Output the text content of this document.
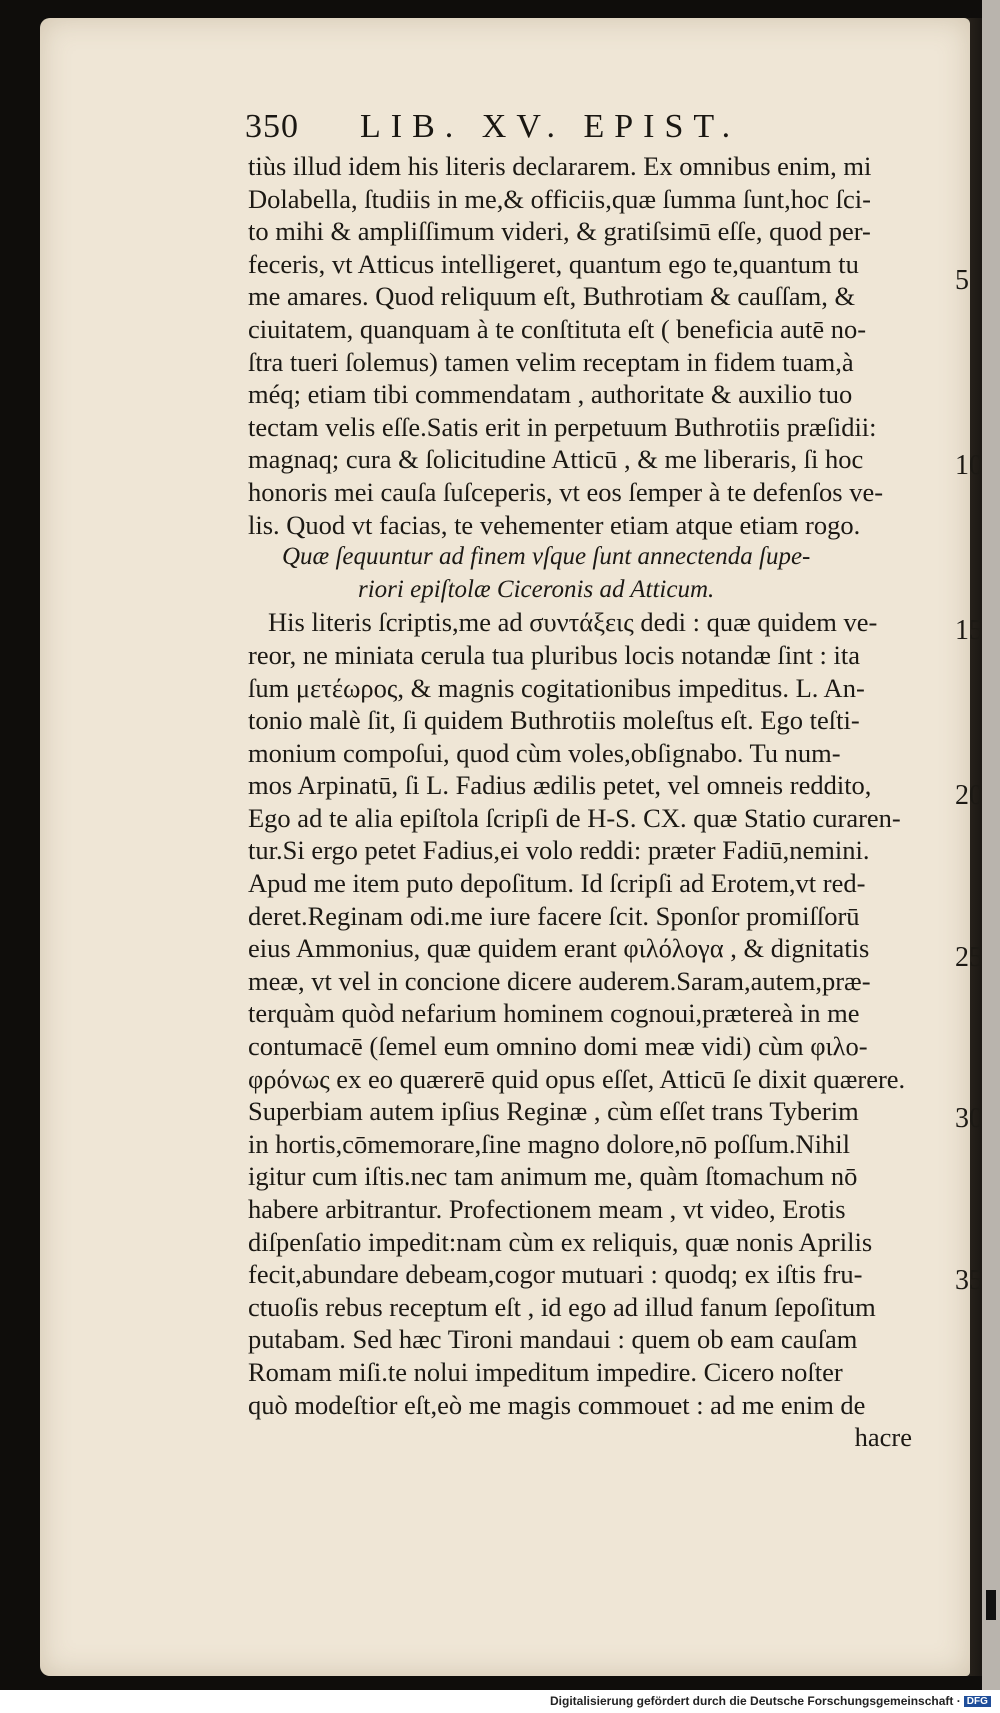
350

LIB. XV. EPIST.

tiùs illud idem his literis declararem. Ex omnibus enim, mi
Dolabella, ſtudiis in me,& officiis,quæ ſumma ſunt,hoc ſci-
to mihi & ampliſſimum videri, & gratiſsimū eſſe, quod per-
feceris, vt Atticus intelligeret, quantum ego te,quantum tu
me amares. Quod reliquum eſt, Buthrotiam & cauſſam, &
ciuitatem, quanquam à te conſtituta eſt ( beneficia autē no-
ſtra tueri ſolemus) tamen velim receptam in fidem tuam,à
méq; etiam tibi commendatam , authoritate & auxilio tuo
tectam velis eſſe.Satis erit in perpetuum Buthrotiis præſidii:
magnaq; cura & ſolicitudine Atticū , & me liberaris, ſi hoc
honoris mei cauſa ſuſceperis, vt eos ſemper à te defenſos ve-
lis. Quod vt facias, te vehementer etiam atque etiam rogo.
Quæ ſequuntur ad finem vſque ſunt annectenda ſupe-
riori epiſtolæ Ciceronis ad Atticum.
His literis ſcriptis,me ad συντάξεις dedi : quæ quidem ve-
reor, ne miniata cerula tua pluribus locis notandæ ſint : ita
ſum μετέωρος, & magnis cogitationibus impeditus. L. An-
tonio malè ſit, ſi quidem Buthrotiis moleſtus eſt. Ego teſti-
monium compoſui, quod cùm voles,obſignabo. Tu num-
mos Arpinatū, ſi L. Fadius ædilis petet, vel omneis reddito,
Ego ad te alia epiſtola ſcripſi de H-S. CX. quæ Statio curaren-
tur.Si ergo petet Fadius,ei volo reddi: præter Fadiū,nemini.
Apud me item puto depoſitum. Id ſcripſi ad Erotem,vt red-
deret.Reginam odi.me iure facere ſcit. Sponſor promiſſorū
eius Ammonius, quæ quidem erant φιλόλογα , & dignitatis
meæ, vt vel in concione dicere auderem.Saram,autem,præ-
terquàm quòd nefarium hominem cognoui,prætereà in me
contumacē (ſemel eum omnino domi meæ vidi) cùm φιλο-
φρόνως ex eo quærerē quid opus eſſet, Atticū ſe dixit quærere.
Superbiam autem ipſius Reginæ , cùm eſſet trans Tyberim
in hortis,cōmemorare,ſine magno dolore,nō poſſum.Nihil
igitur cum iſtis.nec tam animum me, quàm ſtomachum nō
habere arbitrantur. Profectionem meam , vt video, Erotis
diſpenſatio impedit:nam cùm ex reliquis, quæ nonis Aprilis
fecit,abundare debeam,cogor mutuari : quodq; ex iſtis fru-
ctuoſis rebus receptum eſt , id ego ad illud fanum ſepoſitum
putabam. Sed hæc Tironi mandaui : quem ob eam cauſam
Romam miſi.te nolui impeditum impedire. Cicero noſter
quò modeſtior eſt,eò me magis commouet : ad me enim de
hacre
5
10
15
20
25
30
35
Digitalisierung gefördert durch die Deutsche Forschungsgemeinschaft · DFG
